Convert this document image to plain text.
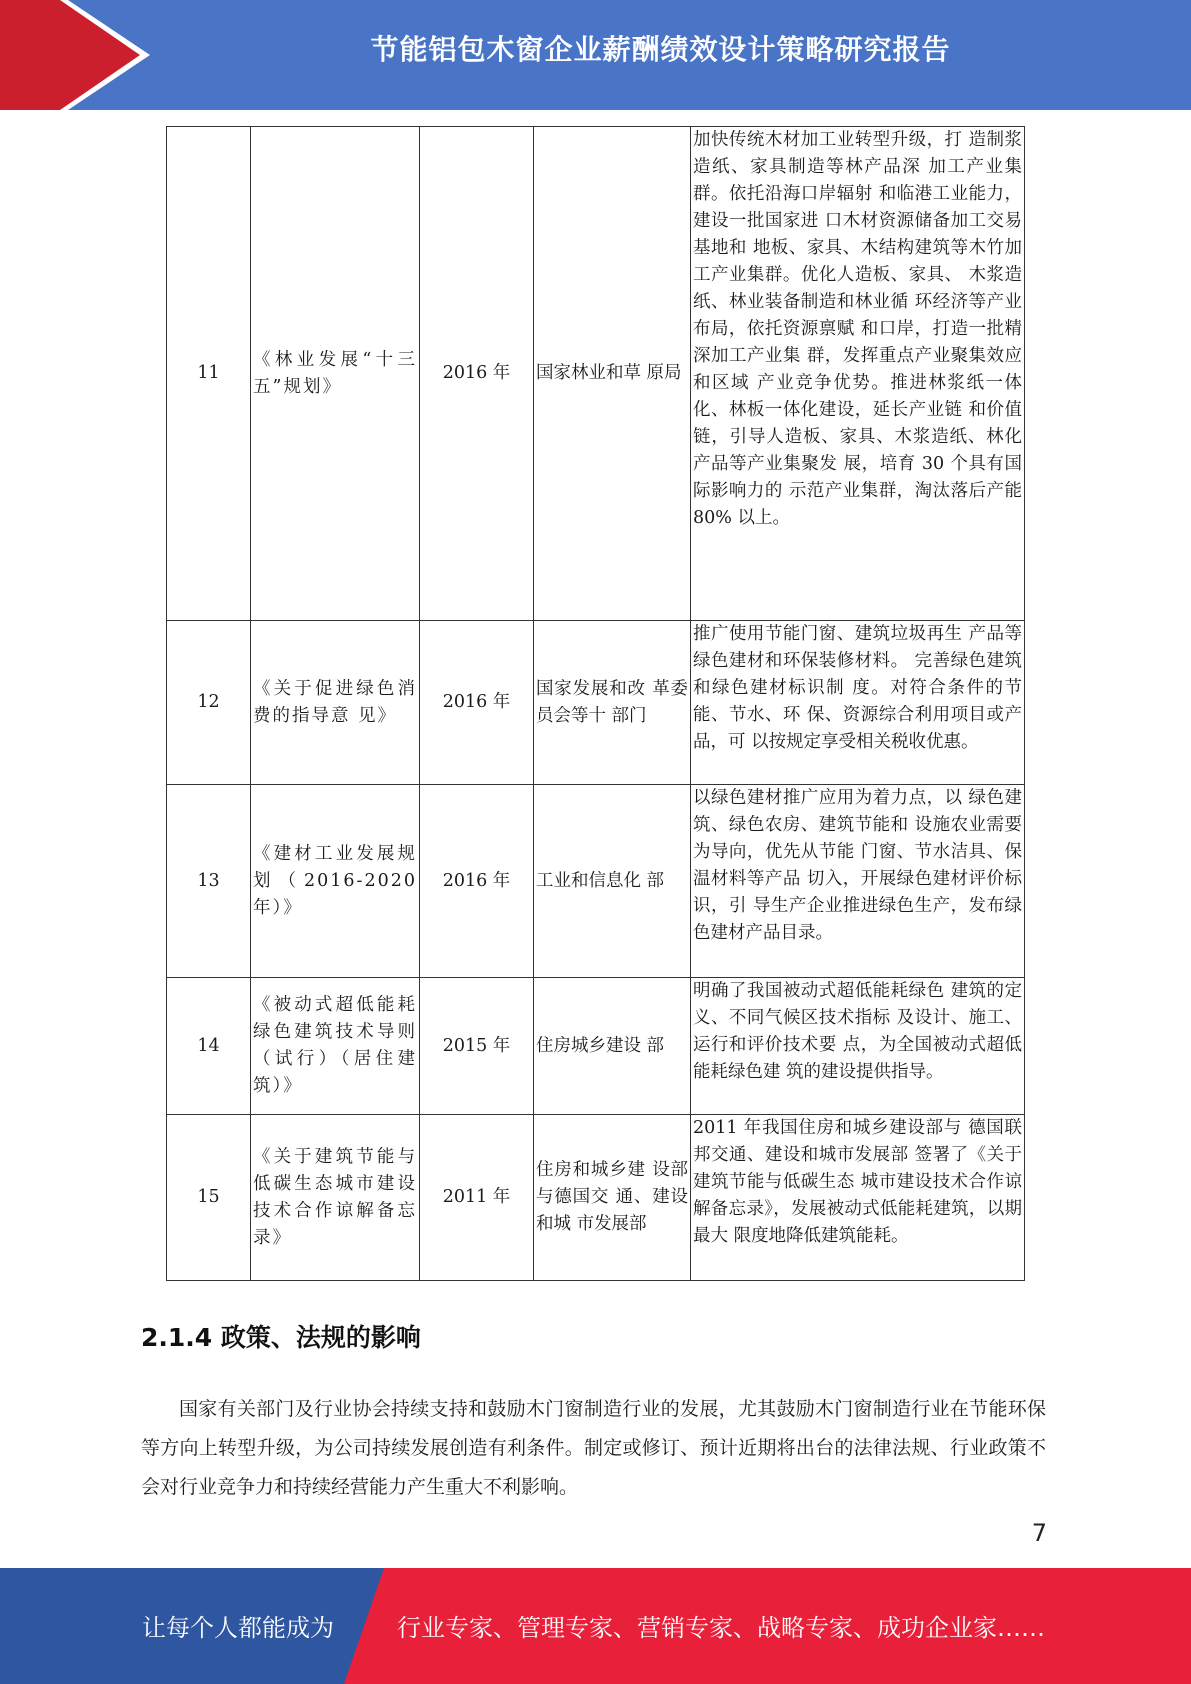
节能铝包木窗企业薪酬绩效设计策略研究报告
11	《林业发展“十三五”规划》	2016 年	国家林业和草 原局	加快传统木材加工业转型升级，打 造制浆造纸、家具制造等林产品深 加工产业集群。依托沿海口岸辐射 和临港工业能力，建设一批国家进 口木材资源储备加工交易基地和 地板、家具、木结构建筑等木竹加 工产业集群。优化人造板、家具、 木浆造纸、林业装备制造和林业循 环经济等产业布局，依托资源禀赋 和口岸，打造一批精深加工产业集 群，发挥重点产业聚集效应和区域 产业竞争优势。推进林浆纸一体 化、林板一体化建设，延长产业链 和价值链，引导人造板、家具、木浆造纸、林化产品等产业集聚发 展，培育 30 个具有国际影响力的 示范产业集群，淘汰落后产能 80% 以上。
12	《关于促进绿色消费的指导意 见》	2016 年	国家发展和改 革委员会等十 部门	推广使用节能门窗、建筑垃圾再生 产品等绿色建材和环保装修材料。 完善绿色建筑和绿色建材标识制 度。对符合条件的节能、节水、环 保、资源综合利用项目或产品，可 以按规定享受相关税收优惠。
13	《建材工业发展规划（2016-2020年）》	2016 年	工业和信息化 部	以绿色建材推广应用为着力点，以 绿色建筑、绿色农房、建筑节能和 设施农业需要为导向，优先从节能 门窗、节水洁具、保温材料等产品 切入，开展绿色建材评价标识，引 导生产企业推进绿色生产，发布绿 色建材产品目录。
14	《被动式超低能耗绿色建筑技术导则（试行）（居住建筑）》	2015 年	住房城乡建设 部	明确了我国被动式超低能耗绿色 建筑的定义、不同气候区技术指标 及设计、施工、运行和评价技术要 点，为全国被动式超低能耗绿色建 筑的建设提供指导。
15	《关于建筑节能与低碳生态城市建设技术合作谅解备忘录》	2011 年	住房和城乡建 设部与德国交 通、建设和城 市发展部	2011 年我国住房和城乡建设部与 德国联邦交通、建设和城市发展部 签署了《关于建筑节能与低碳生态 城市建设技术合作谅解备忘录》，发展被动式低能耗建筑，以期最大 限度地降低建筑能耗。
2.1.4 政策、法规的影响

国家有关部门及行业协会持续支持和鼓励木门窗制造行业的发展，尤其鼓励木门窗制造行业在节能环保等方向上转型升级，为公司持续发展创造有利条件。制定或修订、预计近期将出台的法律法规、行业政策不会对行业竞争力和持续经营能力产生重大不利影响。

7
让每个人都能成为	行业专家、管理专家、营销专家、战略专家、成功企业家……
